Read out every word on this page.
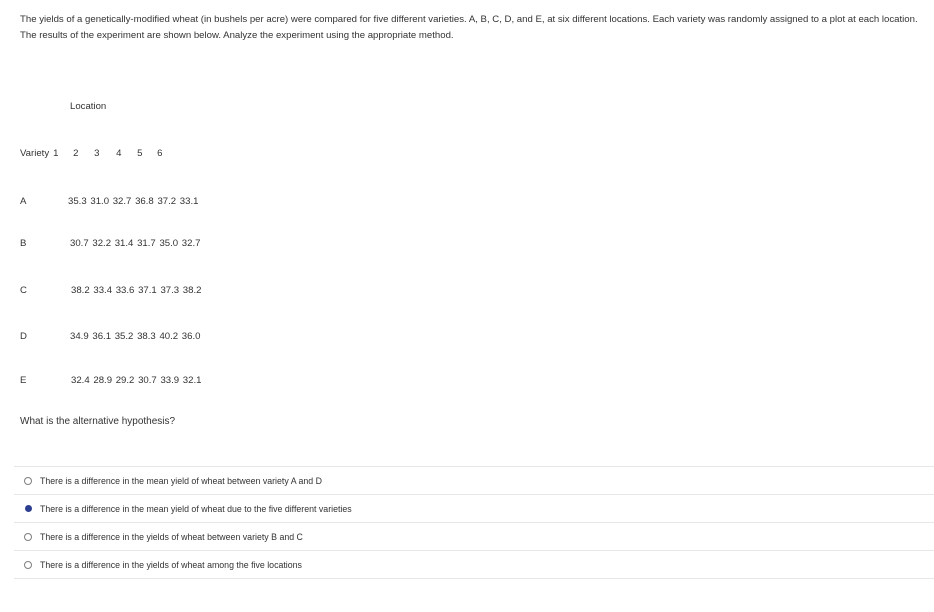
The yields of a genetically-modified wheat (in bushels per acre) were compared for five different varieties. A, B, C, D, and E, at six different locations. Each variety was randomly assigned to a plot at each location. The results of the experiment are shown below. Analyze the experiment using the appropriate method.
Location
Variety 1	2	3	4	5	6
A	35.3 31.0 32.7 36.8 37.2 33.1
B	30.7 32.2 31.4 31.7 35.0 32.7
C	38.2 33.4 33.6 37.1 37.3 38.2
D	34.9 36.1 35.2 38.3 40.2 36.0
E	32.4 28.9 29.2 30.7 33.9 32.1
What is the alternative hypothesis?
There is a difference in the mean yield of wheat between variety A and D
There is a difference in the mean yield of wheat due to the five different varieties
There is a difference in the yields of wheat between variety B and C
There is a difference in the yields of wheat among the five locations
